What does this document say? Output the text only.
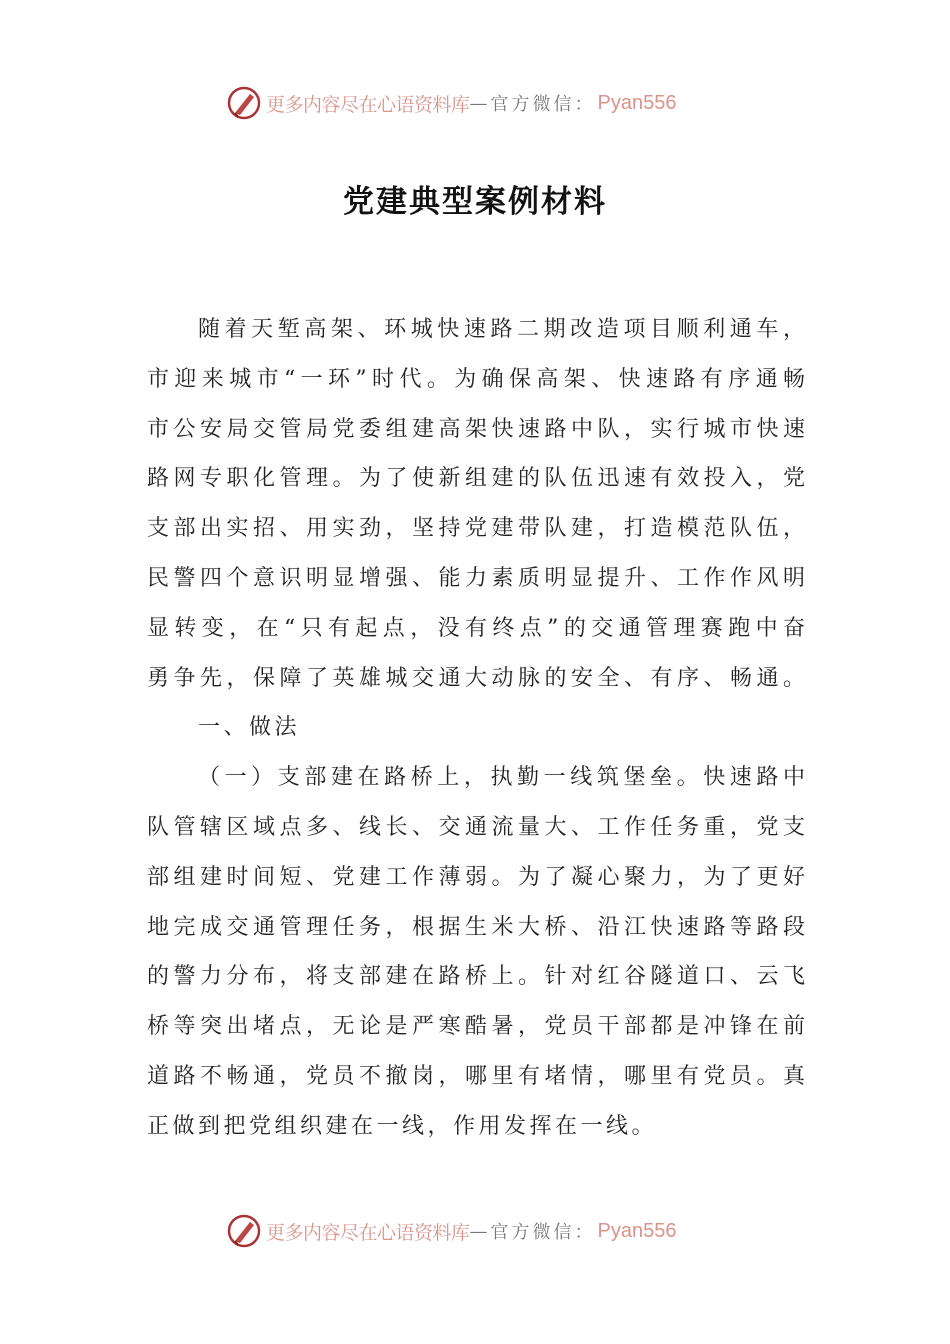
更多内容尽在心语资料库 — 官方微信： Pyan556
党建典型案例材料
随着天堑高架、环城快速路二期改造项目顺利通车，
市迎来城市“一环”时代。为确保高架、快速路有序通畅
市公安局交管局党委组建高架快速路中队，实行城市快速
路网专职化管理。为了使新组建的队伍迅速有效投入，党
支部出实招、用实劲，坚持党建带队建，打造模范队伍，
民警四个意识明显增强、能力素质明显提升、工作作风明
显转变，在“只有起点，没有终点”的交通管理赛跑中奋
勇争先，保障了英雄城交通大动脉的安全、有序、畅通。
一、做法
（一）支部建在路桥上，执勤一线筑堡垒。快速路中
队管辖区域点多、线长、交通流量大、工作任务重，党支
部组建时间短、党建工作薄弱。为了凝心聚力，为了更好
地完成交通管理任务，根据生米大桥、沿江快速路等路段
的警力分布，将支部建在路桥上。针对红谷隧道口、云飞
桥等突出堵点，无论是严寒酷暑，党员干部都是冲锋在前
道路不畅通，党员不撤岗，哪里有堵情，哪里有党员。真
正做到把党组织建在一线，作用发挥在一线。
更多内容尽在心语资料库 — 官方微信： Pyan556
